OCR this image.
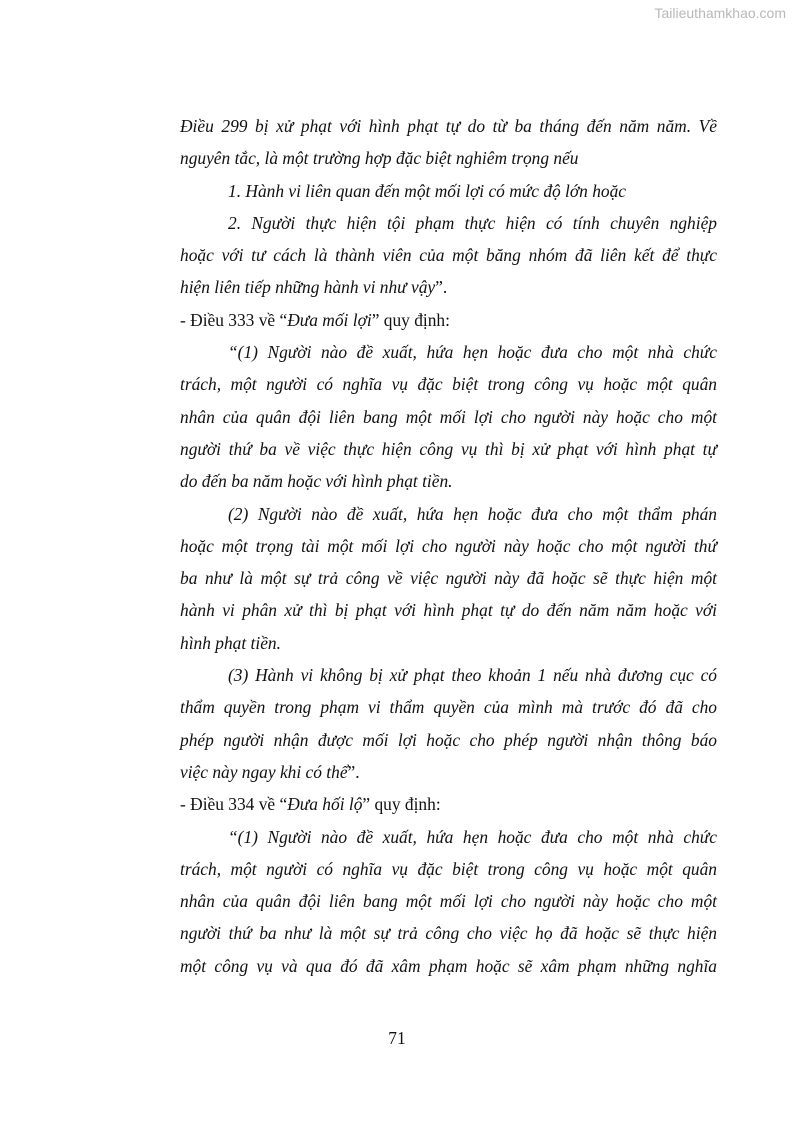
Tailieuthamkhao.com
Điều 299 bị xử phạt với hình phạt tự do từ ba tháng đến năm năm. Về
nguyên tắc, là một trường hợp đặc biệt nghiêm trọng nếu
1. Hành vi liên quan đến một mối lợi có mức độ lớn hoặc
2. Người thực hiện tội phạm thực hiện có tính chuyên nghiệp
hoặc với tư cách là thành viên của một băng nhóm đã liên kết để thực
hiện liên tiếp những hành vi như vậy”.
- Điều 333 về “Đưa mối lợi” quy định:
“(1) Người nào đề xuất, hứa hẹn hoặc đưa cho một nhà chức
trách, một người có nghĩa vụ đặc biệt trong công vụ hoặc một quân
nhân của quân đội liên bang một mối lợi cho người này hoặc cho một
người thứ ba về việc thực hiện công vụ thì bị xử phạt với hình phạt tự
do đến ba năm hoặc với hình phạt tiền.
(2) Người nào đề xuất, hứa hẹn hoặc đưa cho một thẩm phán
hoặc một trọng tài một mối lợi cho người này hoặc cho một người thứ
ba như là một sự trả công về việc người này đã hoặc sẽ thực hiện một
hành vi phân xử thì bị phạt với hình phạt tự do đến năm năm hoặc với
hình phạt tiền.
(3) Hành vi không bị xử phạt theo khoản 1 nếu nhà đương cục có
thẩm quyền trong phạm vi thẩm quyền của mình mà trước đó đã cho
phép người nhận được mối lợi hoặc cho phép người nhận thông báo
việc này ngay khi có thể”.
- Điều 334 về “Đưa hối lộ” quy định:
“(1) Người nào đề xuất, hứa hẹn hoặc đưa cho một nhà chức
trách, một người có nghĩa vụ đặc biệt trong công vụ hoặc một quân
nhân của quân đội liên bang một mối lợi cho người này hoặc cho một
người thứ ba như là một sự trả công cho việc họ đã hoặc sẽ thực hiện
một công vụ và qua đó đã xâm phạm hoặc sẽ xâm phạm những nghĩa
71
